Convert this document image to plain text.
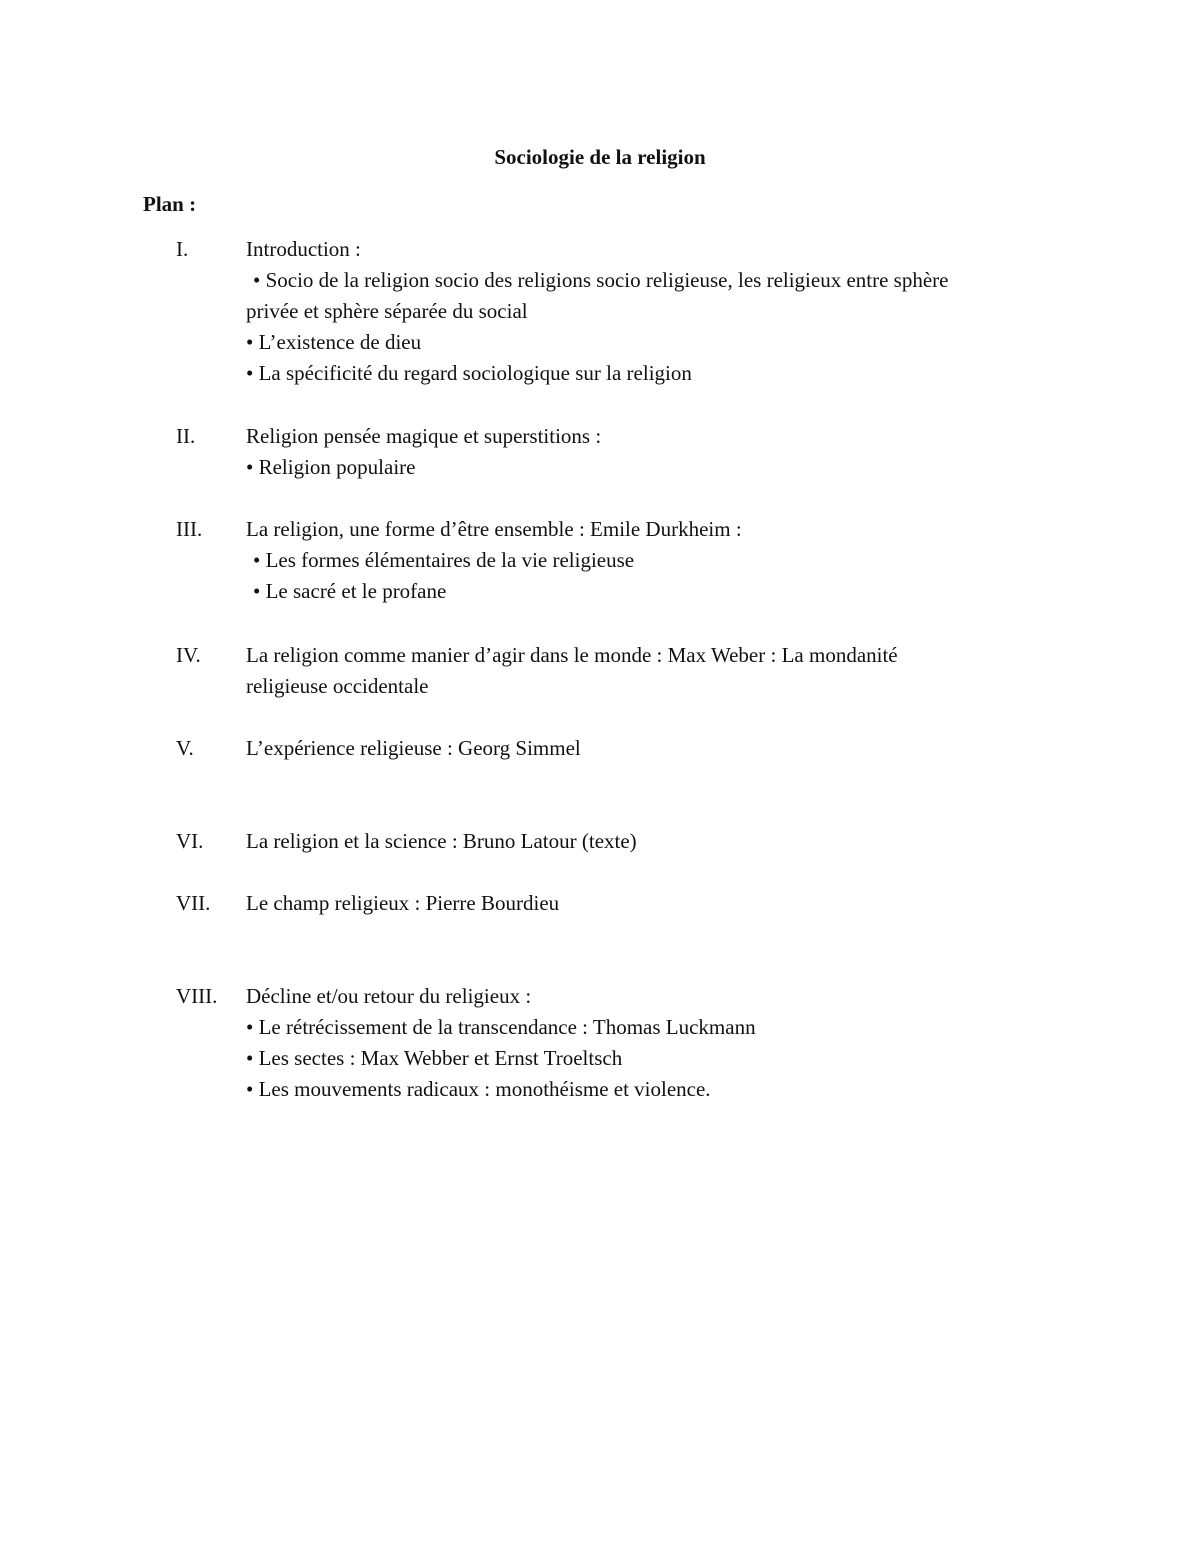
Sociologie de la religion
Plan :
I.	Introduction :
• Socio de la religion socio des religions socio religieuse, les religieux entre sphère
privée et sphère séparée du social
• L’existence de dieu
• La spécificité du regard sociologique sur la religion
II. Religion pensée magique et superstitions :
• Religion populaire
III. La religion, une forme d’être ensemble : Emile Durkheim :
• Les formes élémentaires de la vie religieuse
• Le sacré et le profane
IV. La religion comme manier d’agir dans le monde : Max Weber : La mondanité
religieuse occidentale
V. L’expérience religieuse : Georg Simmel
VI. La religion et la science : Bruno Latour (texte)
VII. Le champ religieux : Pierre Bourdieu
VIII. Décline et/ou retour du religieux :
• Le rétrécissement de la transcendance : Thomas Luckmann
• Les sectes : Max Webber et Ernst Troeltsch
• Les mouvements radicaux : monothéisme et violence.
